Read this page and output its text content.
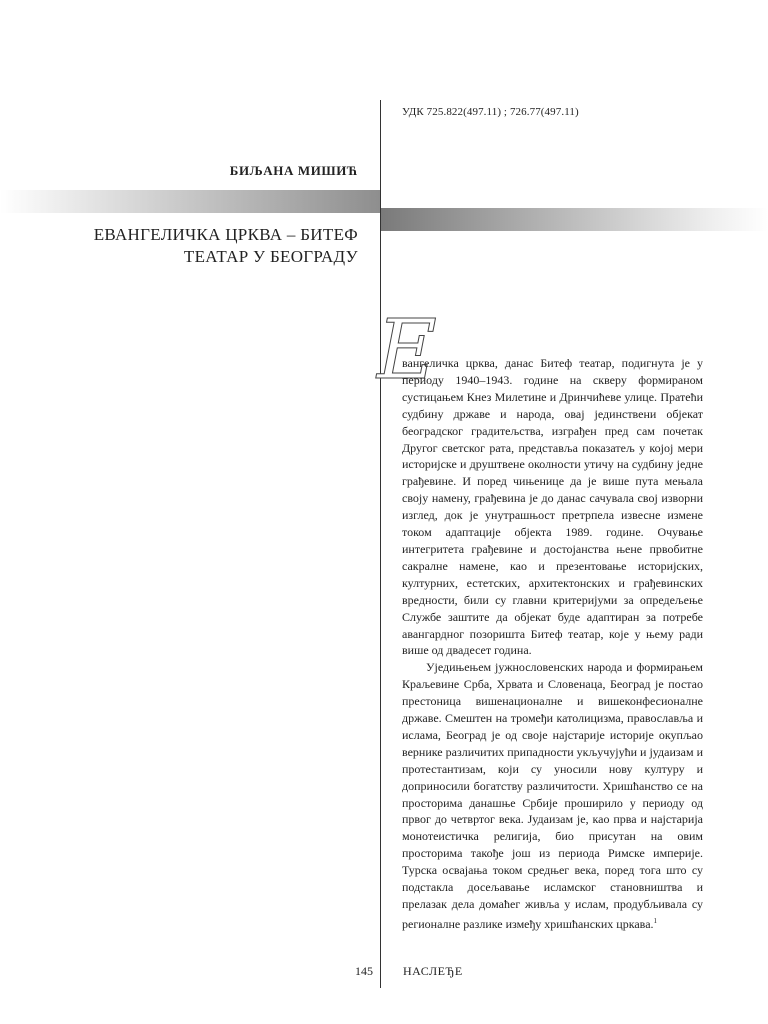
УДК 725.822(497.11) ; 726.77(497.11)
БИЉАНА МИШИЋ
ЕВАНГЕЛИЧКА ЦРКВА – БИТЕФ
ТЕАТАР У БЕОГРАДУ
Е

вангеличка црква, данас Битеф театар, подигнута је у периоду 1940–1943. године на скверу формираном сустицањем Кнез Милетине и Дринчићеве улице. Пратећи судбину државе и народа, овај јединствени објекат београдског градитељства, изграђен пред сам почетак Другог светског рата, представља показатељ у којој мери историјске и друштвене околности утичу на судбину једне грађевине. И поред чињенице да је више пута мењала своју намену, грађевина је до данас сачувала свој изворни изглед, док је унутрашњост претрпела извесне измене током адаптације објекта 1989. године. Очување интегритета грађевине и достојанства њене првобитне сакралне намене, као и презентовање историјских, културних, естетских, архитектонских и грађевинских вредности, били су главни критеријуми за опредељење Службе заштите да објекат буде адаптиран за потребе авангардног позоришта Битеф театар, које у њему ради више од двадесет година.

Уједињењем јужнословенских народа и формирањем Краљевине Срба, Хрвата и Словенаца, Београд је постао престоница вишенационалне и вишеконфесионалне државе. Смештен на тромеђи католицизма, православља и ислама, Београд је од своје најстарије историје окупљао вернике различитих припадности укључујући и јудаизам и протестантизам, који су уносили нову културу и доприносили богатству различитости. Хришћанство се на просторима данашње Србије проширило у периоду од првог до четвртог века. Јудаизам је, као прва и најстарија монотеистичка религија, био присутан на овим просторима такође још из периода Римске империје. Турска освајања током средњег века, поред тога што су подстакла досељавање исламског становништва и прелазак дела домаћег живља у ислам, продубљивала су регионалне разлике између хришћанских цркава.$^1$

145	НАСЛЕЂЕ
